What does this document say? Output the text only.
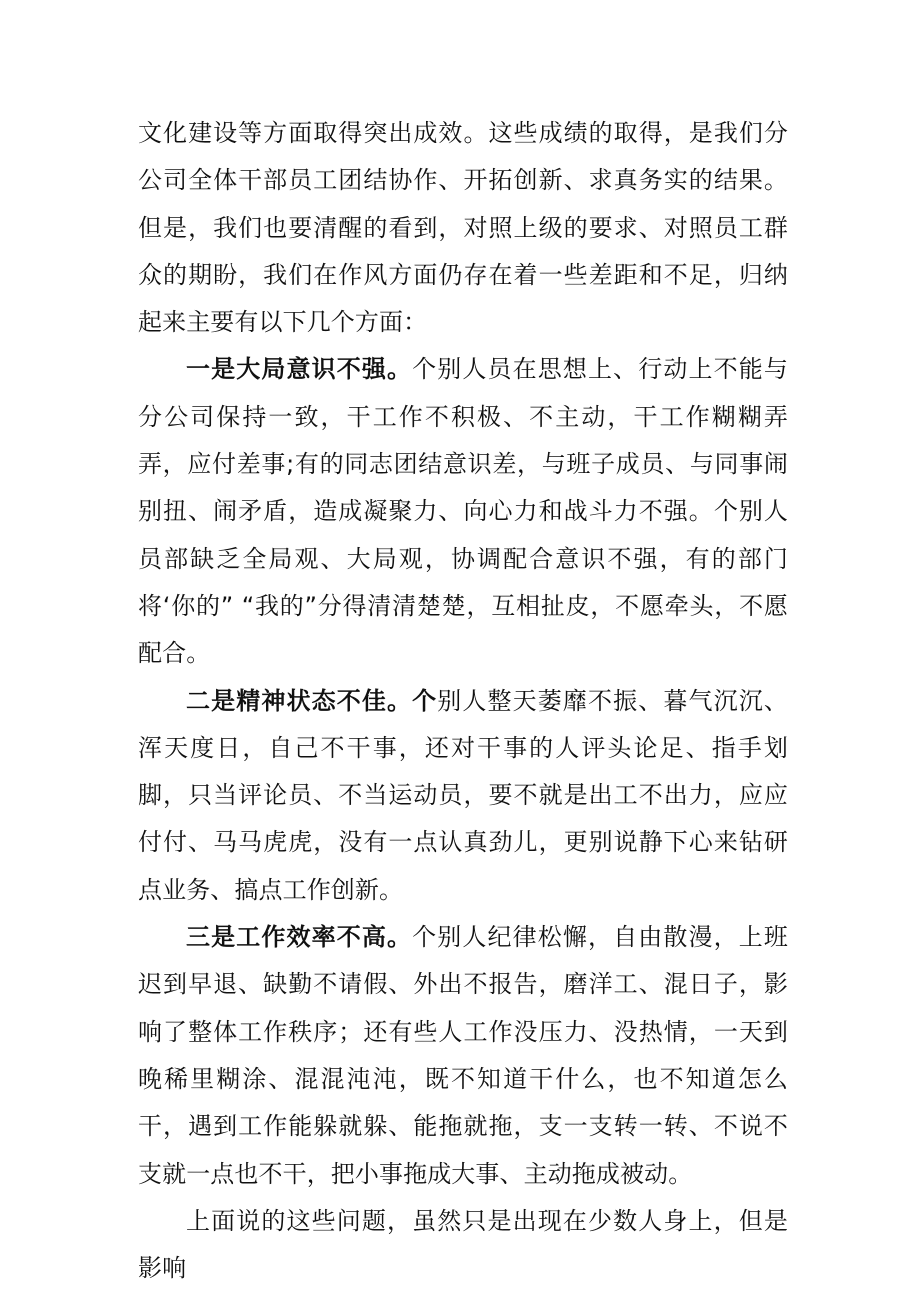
文化建设等方面取得突出成效。这些成绩的取得，是我们分公司全体干部员工团结协作、开拓创新、求真务实的结果。但是，我们也要清醒的看到，对照上级的要求、对照员工群众的期盼，我们在作风方面仍存在着一些差距和不足，归纳起来主要有以下几个方面：

一是大局意识不强。个别人员在思想上、行动上不能与分公司保持一致，干工作不积极、不主动，干工作糊糊弄弄，应付差事;有的同志团结意识差，与班子成员、与同事闹别扭、闹矛盾，造成凝聚力、向心力和战斗力不强。个别人员部缺乏全局观、大局观，协调配合意识不强，有的部门将‘你的” “我的”分得清清楚楚，互相扯皮，不愿牵头，不愿配合。

二是精神状态不佳。个别人整天萎靡不振、暮气沉沉、浑天度日，自己不干事，还对干事的人评头论足、指手划脚，只当评论员、不当运动员，要不就是出工不出力，应应付付、马马虎虎，没有一点认真劲儿，更别说静下心来钻研点业务、搞点工作创新。

三是工作效率不高。个别人纪律松懈，自由散漫，上班迟到早退、缺勤不请假、外出不报告，磨洋工、混日子，影响了整体工作秩序；还有些人工作没压力、没热情，一天到晚稀里糊涂、混混沌沌，既不知道干什么，也不知道怎么干，遇到工作能躲就躲、能拖就拖，支一支转一转、不说不支就一点也不干，把小事拖成大事、主动拖成被动。

上面说的这些问题，虽然只是出现在少数人身上，但是影响
